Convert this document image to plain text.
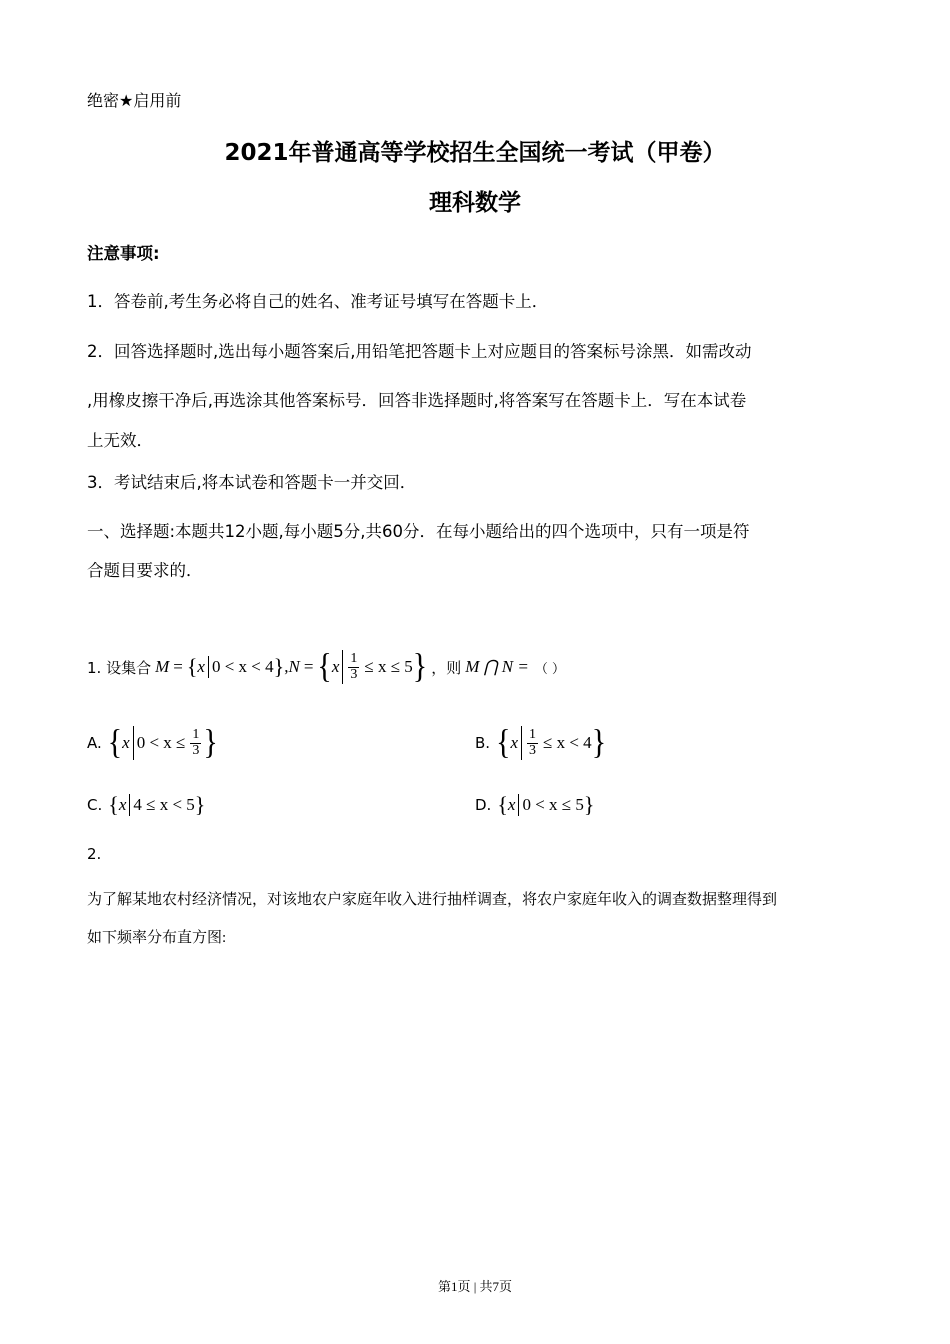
绝密★启用前
2021年普通高等学校招生全国统一考试（甲卷）
理科数学
注意事项:
1．答卷前,考生务必将自己的姓名、准考证号填写在答题卡上．
2．回答选择题时,选出每小题答案后,用铅笔把答题卡上对应题目的答案标号涂黑．如需改动
,用橡皮擦干净后,再选涂其他答案标号．回答非选择题时,将答案写在答题卡上．写在本试卷
上无效．
3．考试结束后,将本试卷和答题卡一并交回．
一、选择题:本题共12小题,每小题5分,共60分．在每小题给出的四个选项中，只有一项是符
合题目要求的．
1. 设集合 M = { x 0 < x < 4 } , N = { x $\frac{1}{3} \le x \le 5$ } ，则 M ⋂ N = （ ）
A. { x $0 < x \le \frac{1}{3}$ }	B. { x $\frac{1}{3} \le x < 4$ }
C. { x 4 ≤ x < 5 }	D. { x 0 < x ≤ 5 }
2.
为了解某地农村经济情况，对该地农户家庭年收入进行抽样调查，将农户家庭年收入的调查数据整理得到
如下频率分布直方图:
第1页 | 共7页
